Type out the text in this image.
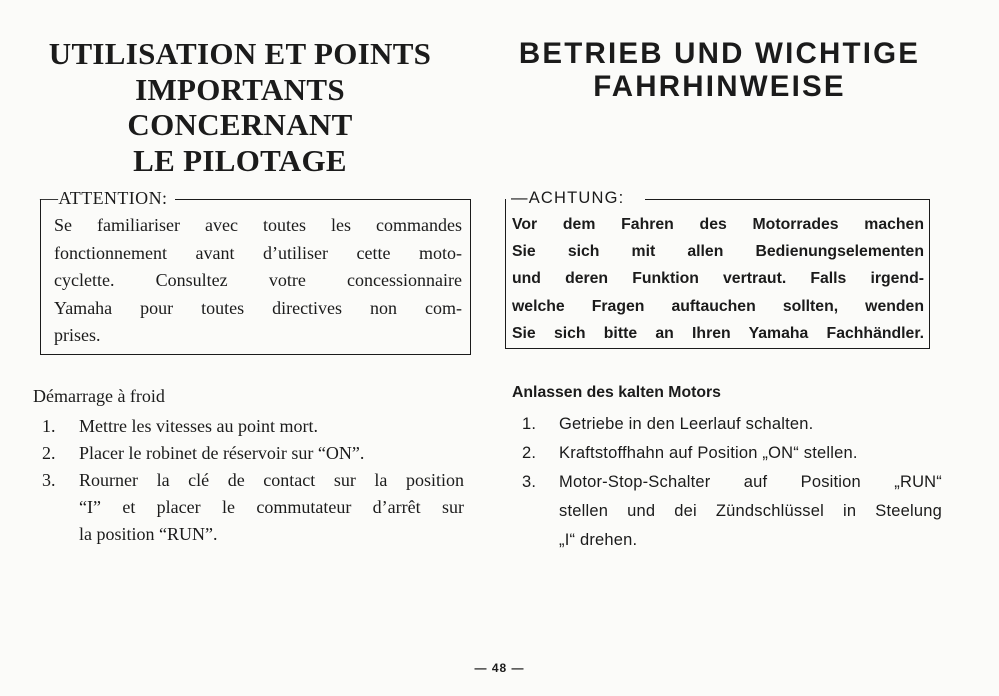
UTILISATION ET POINTS
IMPORTANTS
CONCERNANT
LE PILOTAGE
—ATTENTION:
Se familiariser avec toutes les commandes
fonctionnement avant d’utiliser cette moto-
cyclette. Consultez votre concessionnaire
Yamaha pour toutes directives non com-
prises.
Démarrage à froid
1. Mettre les vitesses au point mort.
2. Placer le robinet de réservoir sur “ON”.
3. Rourner la clé de contact sur la position
“I” et placer le commutateur d’arrêt sur
la position “RUN”.
BETRIEB UND WICHTIGE
FAHRHINWEISE
—ACHTUNG:
Vor dem Fahren des Motorrades machen
Sie sich mit allen Bedienungselementen
und deren Funktion vertraut. Falls irgend-
welche Fragen auftauchen sollten, wenden
Sie sich bitte an Ihren Yamaha Fachhändler.
Anlassen des kalten Motors
1. Getriebe in den Leerlauf schalten.
2. Kraftstoffhahn auf Position „ON“ stellen.
3. Motor-Stop-Schalter auf Position „RUN“
stellen und dei Zündschlüssel in Steelung
„I“ drehen.
— 48 —
